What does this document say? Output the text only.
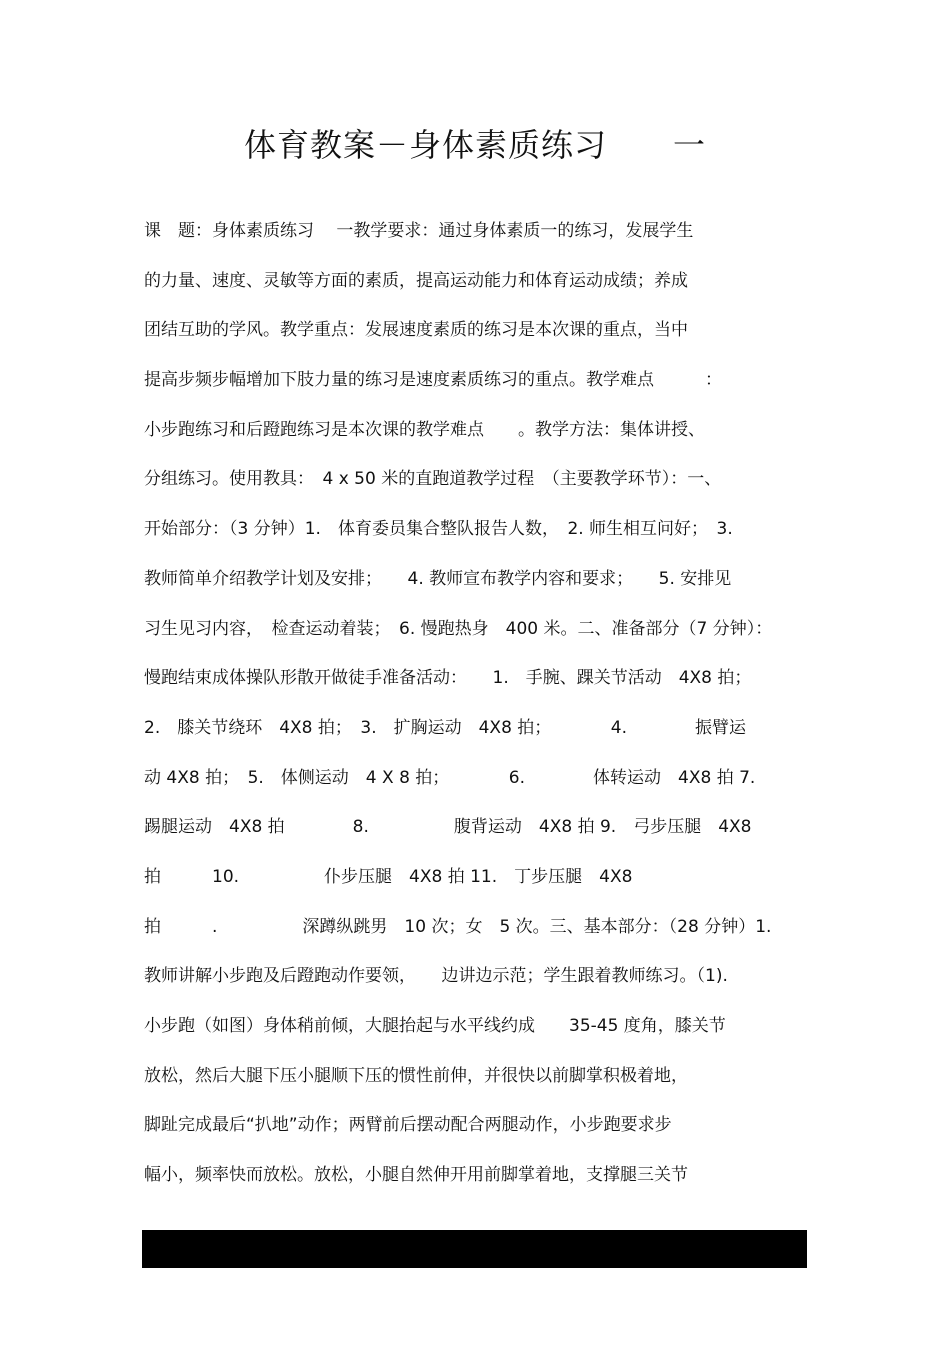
体育教案－身体素质练习　　一
课　题：身体素质练习　 一教学要求：通过身体素质一的练习，发展学生
的力量、速度、灵敏等方面的素质，提高运动能力和体育运动成绩；养成
团结互助的学风。教学重点：发展速度素质的练习是本次课的重点，当中
提高步频步幅增加下肢力量的练习是速度素质练习的重点。教学难点　　　：
小步跑练习和后蹬跑练习是本次课的教学难点　　。教学方法：集体讲授、
分组练习。使用教具：　4 x 50 米的直跑道教学过程　（主要教学环节）：一、
开始部分：（3 分钟）1.　体育委员集合整队报告人数，　2. 师生相互问好；　3.
教师简单介绍教学计划及安排；　　4. 教师宣布教学内容和要求；　　5. 安排见
习生见习内容，　检查运动着装；　6. 慢跑热身　400 米。二、准备部分（7 分钟）：
慢跑结束成体操队形散开做徒手准备活动：　　1.　手腕、踝关节活动　4X8 拍；
2.　膝关节绕环　4X8 拍；　3.　扩胸运动　4X8 拍；　　　　4.　　　　振臂运
动 4X8 拍；　5.　体侧运动　4 X 8 拍；　　　　6.　　　　体转运动　4X8 拍 7.
踢腿运动　4X8 拍　　　　8.　　　　　腹背运动　4X8 拍 9.　弓步压腿　4X8
拍　　　10.　　　　　仆步压腿　4X8 拍 11.　丁步压腿　4X8
拍　　　.　　　　　深蹲纵跳男　10 次；女　5 次。三、基本部分：（28 分钟）1.
教师讲解小步跑及后蹬跑动作要领，　　边讲边示范；学生跟着教师练习。（1).
小步跑（如图）身体稍前倾，大腿抬起与水平线约成　　35-45 度角，膝关节
放松，然后大腿下压小腿顺下压的惯性前伸，并很快以前脚掌积极着地，
脚趾完成最后“扒地”动作；两臂前后摆动配合两腿动作，小步跑要求步
幅小，频率快而放松。放松，小腿自然伸开用前脚掌着地，支撑腿三关节
